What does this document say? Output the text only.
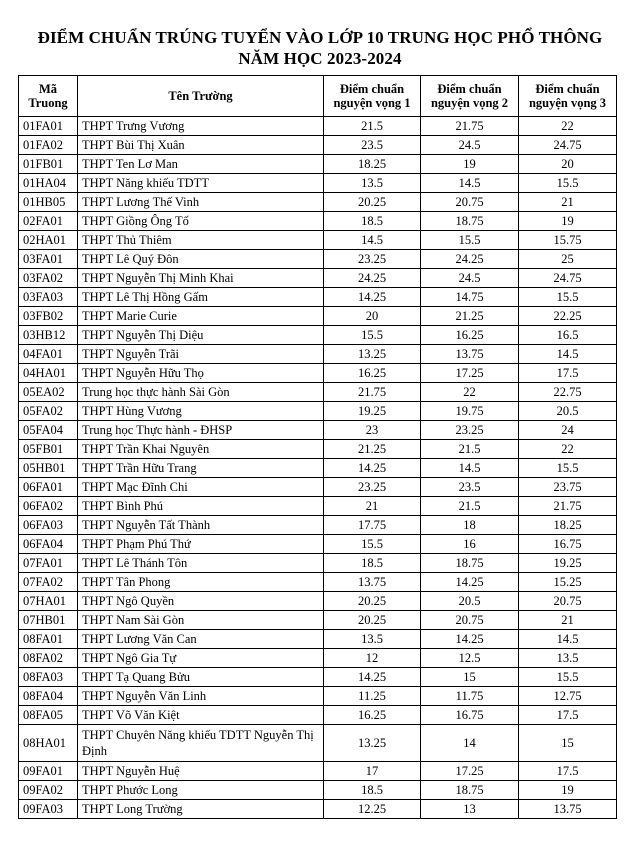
ĐIỂM CHUẨN TRÚNG TUYỂN VÀO LỚP 10 TRUNG HỌC PHỔ THÔNG
NĂM HỌC 2023-2024
Mã Truong	Tên Trường	Điểm chuẩn nguyện vọng 1	Điểm chuẩn nguyện vọng 2	Điểm chuẩn nguyện vọng 3
01FA01	THPT Trưng Vương	21.5	21.75	22
01FA02	THPT Bùi Thị Xuân	23.5	24.5	24.75
01FB01	THPT Ten Lơ Man	18.25	19	20
01HA04	THPT Năng khiếu TDTT	13.5	14.5	15.5
01HB05	THPT Lương Thế Vinh	20.25	20.75	21
02FA01	THPT Giồng Ông Tố	18.5	18.75	19
02HA01	THPT Thủ Thiêm	14.5	15.5	15.75
03FA01	THPT Lê Quý Đôn	23.25	24.25	25
03FA02	THPT Nguyễn Thị Minh Khai	24.25	24.5	24.75
03FA03	THPT Lê Thị Hồng Gấm	14.25	14.75	15.5
03FB02	THPT Marie Curie	20	21.25	22.25
03HB12	THPT Nguyễn Thị Diệu	15.5	16.25	16.5
04FA01	THPT Nguyễn Trãi	13.25	13.75	14.5
04HA01	THPT Nguyễn Hữu Thọ	16.25	17.25	17.5
05EA02	Trung học thực hành Sài Gòn	21.75	22	22.75
05FA02	THPT Hùng Vương	19.25	19.75	20.5
05FA04	Trung học Thực hành - ĐHSP	23	23.25	24
05FB01	THPT Trần Khai Nguyên	21.25	21.5	22
05HB01	THPT Trần Hữu Trang	14.25	14.5	15.5
06FA01	THPT Mạc Đĩnh Chi	23.25	23.5	23.75
06FA02	THPT Bình Phú	21	21.5	21.75
06FA03	THPT Nguyễn Tất Thành	17.75	18	18.25
06FA04	THPT Phạm Phú Thứ	15.5	16	16.75
07FA01	THPT Lê Thánh Tôn	18.5	18.75	19.25
07FA02	THPT Tân Phong	13.75	14.25	15.25
07HA01	THPT Ngô Quyền	20.25	20.5	20.75
07HB01	THPT Nam Sài Gòn	20.25	20.75	21
08FA01	THPT Lương Văn Can	13.5	14.25	14.5
08FA02	THPT Ngô Gia Tự	12	12.5	13.5
08FA03	THPT Tạ Quang Bửu	14.25	15	15.5
08FA04	THPT Nguyễn Văn Linh	11.25	11.75	12.75
08FA05	THPT Võ Văn Kiệt	16.25	16.75	17.5
08HA01	THPT Chuyên Năng khiếu TDTT Nguyễn Thị Định	13.25	14	15
09FA01	THPT Nguyễn Huệ	17	17.25	17.5
09FA02	THPT Phước Long	18.5	18.75	19
09FA03	THPT Long Trường	12.25	13	13.75
